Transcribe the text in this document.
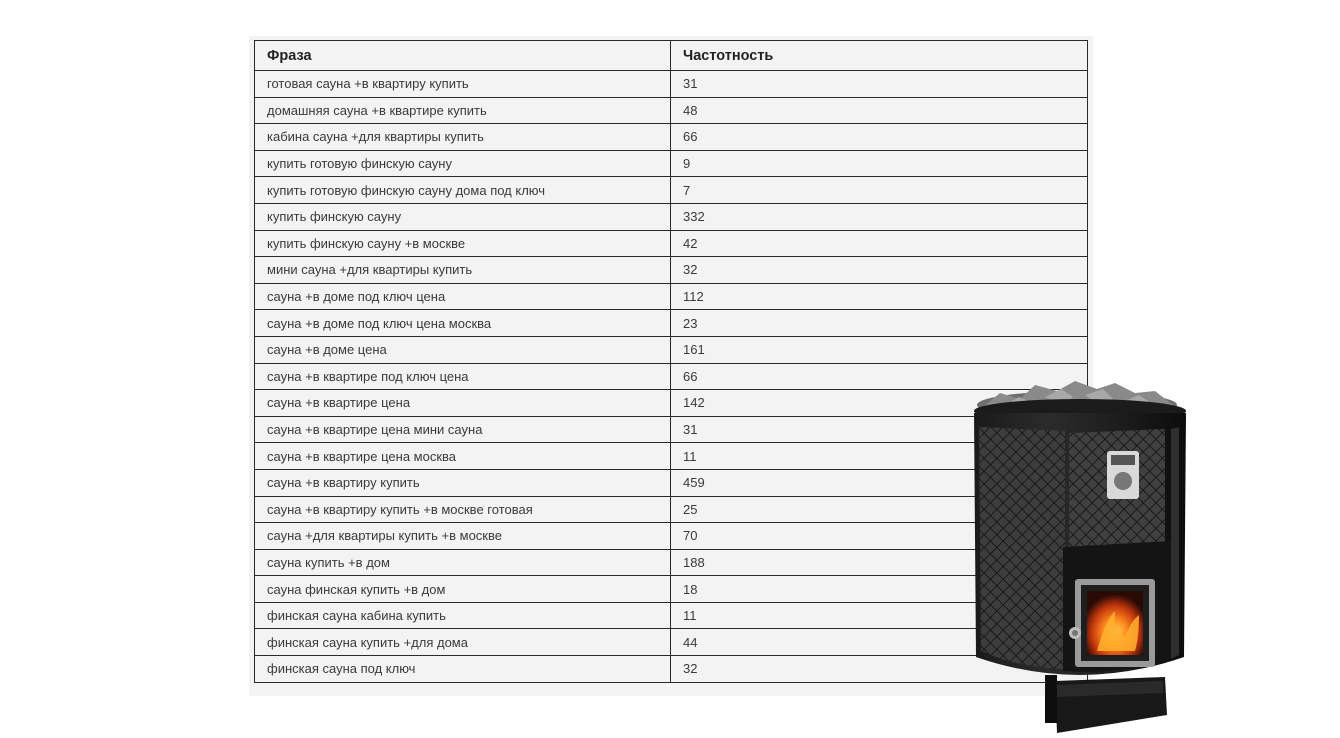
Фраза	Частотность
готовая сауна +в квартиру купить	31
домашняя сауна +в квартире купить	48
кабина сауна +для квартиры купить	66
купить готовую финскую сауну	9
купить готовую финскую сауну дома под ключ	7
купить финскую сауну	332
купить финскую сауну +в москве	42
мини сауна +для квартиры купить	32
сауна +в доме под ключ цена	112
сауна +в доме под ключ цена москва	23
сауна +в доме цена	161
сауна +в квартире под ключ цена	66
сауна +в квартире цена	142
сауна +в квартире цена мини сауна	31
сауна +в квартире цена москва	11
сауна +в квартиру купить	459
сауна +в квартиру купить +в москве готовая	25
сауна +для квартиры купить +в москве	70
сауна купить +в дом	188
сауна финская купить +в дом	18
финская сауна кабина купить	11
финская сауна купить +для дома	44
финская сауна под ключ	32
